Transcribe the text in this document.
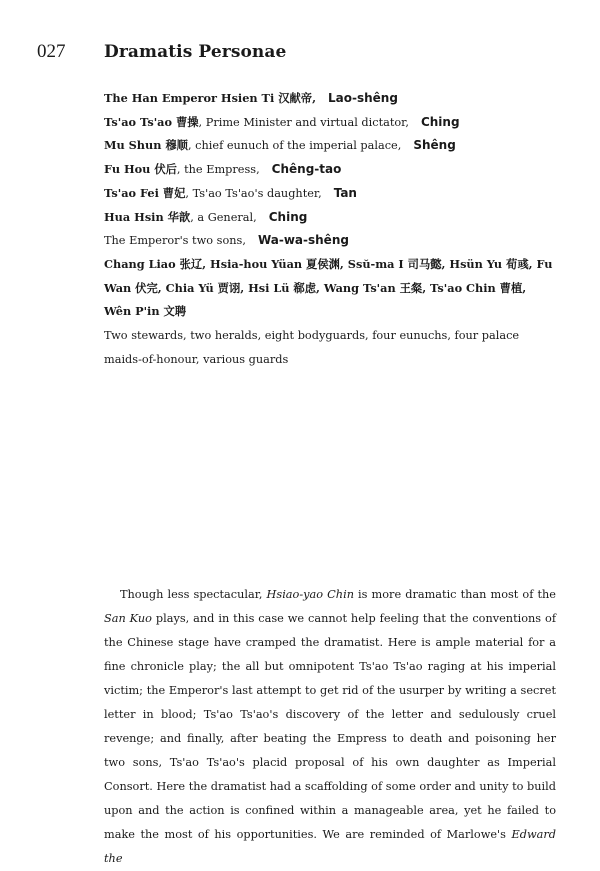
027 Dramatis Personae
The Han Emperor Hsien Ti 汉献帝, Lao-shêng
Ts'ao Ts'ao 曹操, Prime Minister and virtual dictator, Ching
Mu Shun 穆顺, chief eunuch of the imperial palace, Shêng
Fu Hou 伏后, the Empress, Chêng-tao
Ts'ao Fei 曹妃, Ts'ao Ts'ao's daughter, Tan
Hua Hsin 华歆, a General, Ching
The Emperor's two sons, Wa-wa-shêng
Chang Liao 张辽, Hsia-hou Yüan 夏侯渊, Ssŭ-ma I 司马懿, Hsün Yu 荀彧, Fu Wan 伏完, Chia Yü 贾诩, Hsi Lü 郗虑, Wang Ts'an 王粲, Ts'ao Chin 曹植, Wên P'in 文聘
Two stewards, two heralds, eight bodyguards, four eunuchs, four palace maids-of-honour, various guards

Though less spectacular, Hsiao-yao Chin is more dramatic than most of the San Kuo plays, and in this case we cannot help feeling that the conventions of the Chinese stage have cramped the dramatist. Here is ample material for a fine chronicle play; the all but omnipotent Ts'ao Ts'ao raging at his imperial victim; the Emperor's last attempt to get rid of the usurper by writing a secret letter in blood; Ts'ao Ts'ao's discovery of the letter and sedulously cruel revenge; and finally, after beating the Empress to death and poisoning her two sons, Ts'ao Ts'ao's placid proposal of his own daughter as Imperial Consort. Here the dramatist had a scaffolding of some order and unity to build upon and the action is confined within a manageable area, yet he failed to make the most of his opportunities. We are reminded of Marlowe's Edward the
